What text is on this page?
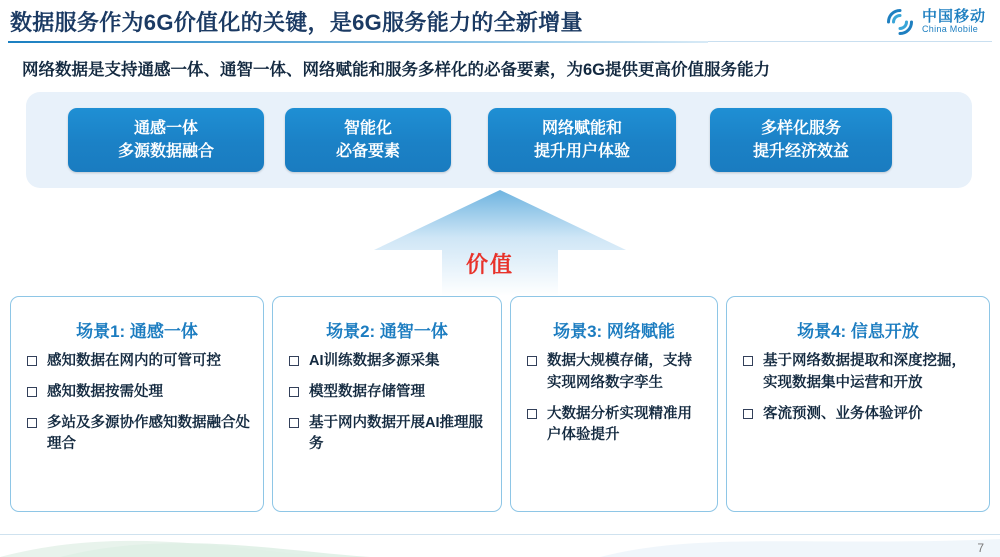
数据服务作为6G价值化的关键，是6G服务能力的全新增量	中国移动
China Mobile
网络数据是支持通感一体、通智一体、网络赋能和服务多样化的必备要素，为6G提供更高价值服务能力
通感一体
多源数据融合
智能化
必备要素
网络赋能和
提升用户体验
多样化服务
提升经济效益
价值
场景1: 通感一体
感知数据在网内的可管可控
感知数据按需处理
多站及多源协作感知数据融合处理合
场景2: 通智一体
AI训练数据多源采集
模型数据存储管理
基于网内数据开展AI推理服务
场景3: 网络赋能
数据大规模存储，支持实现网络数字孪生
大数据分析实现精准用户体验提升
场景4: 信息开放
基于网络数据提取和深度挖掘，实现数据集中运营和开放
客流预测、业务体验评价
7
